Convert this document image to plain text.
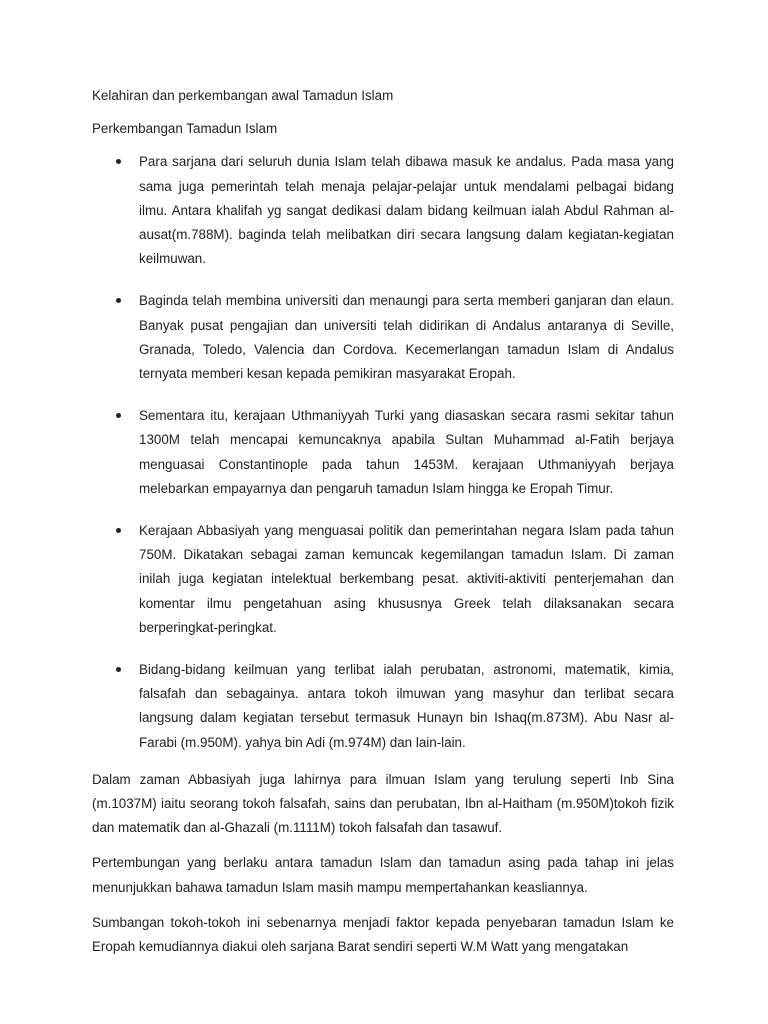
Kelahiran dan perkembangan awal Tamadun Islam

Perkembangan Tamadun Islam

Para sarjana dari seluruh dunia Islam telah dibawa masuk ke andalus. Pada masa yang sama juga pemerintah telah menaja pelajar-pelajar untuk mendalami pelbagai bidang ilmu. Antara khalifah yg sangat dedikasi dalam bidang keilmuan ialah Abdul Rahman al-ausat(m.788M). baginda telah melibatkan diri secara langsung dalam kegiatan-kegiatan keilmuwan.
Baginda telah membina universiti dan menaungi para serta memberi ganjaran dan elaun. Banyak pusat pengajian dan universiti telah didirikan di Andalus antaranya di Seville, Granada, Toledo, Valencia dan Cordova. Kecemerlangan tamadun Islam di Andalus ternyata memberi kesan kepada pemikiran masyarakat Eropah.
Sementara itu, kerajaan Uthmaniyyah Turki yang diasaskan secara rasmi sekitar tahun 1300M telah mencapai kemuncaknya apabila Sultan Muhammad al-Fatih berjaya menguasai Constantinople pada tahun 1453M. kerajaan Uthmaniyyah berjaya melebarkan empayarnya dan pengaruh tamadun Islam hingga ke Eropah Timur.
Kerajaan Abbasiyah yang menguasai politik dan pemerintahan negara Islam pada tahun 750M. Dikatakan sebagai zaman kemuncak kegemilangan tamadun Islam. Di zaman inilah juga kegiatan intelektual berkembang pesat. aktiviti-aktiviti penterjemahan dan komentar ilmu pengetahuan asing khususnya Greek telah dilaksanakan secara berperingkat-peringkat.
Bidang-bidang keilmuan yang terlibat ialah perubatan, astronomi, matematik, kimia, falsafah dan sebagainya. antara tokoh ilmuwan yang masyhur dan terlibat secara langsung dalam kegiatan tersebut termasuk Hunayn bin Ishaq(m.873M). Abu Nasr al-Farabi (m.950M). yahya bin Adi (m.974M) dan lain-lain.

Dalam zaman Abbasiyah juga lahirnya para ilmuan Islam yang terulung seperti Inb Sina (m.1037M) iaitu seorang tokoh falsafah, sains dan perubatan, Ibn al-Haitham (m.950M)tokoh fizik dan matematik dan al-Ghazali (m.1111M) tokoh falsafah dan tasawuf.

Pertembungan yang berlaku antara tamadun Islam dan tamadun asing pada tahap ini jelas menunjukkan bahawa tamadun Islam masih mampu mempertahankan keasliannya.

Sumbangan tokoh-tokoh ini sebenarnya menjadi faktor kepada penyebaran tamadun Islam ke Eropah kemudiannya diakui oleh sarjana Barat sendiri seperti W.M Watt yang mengatakan
